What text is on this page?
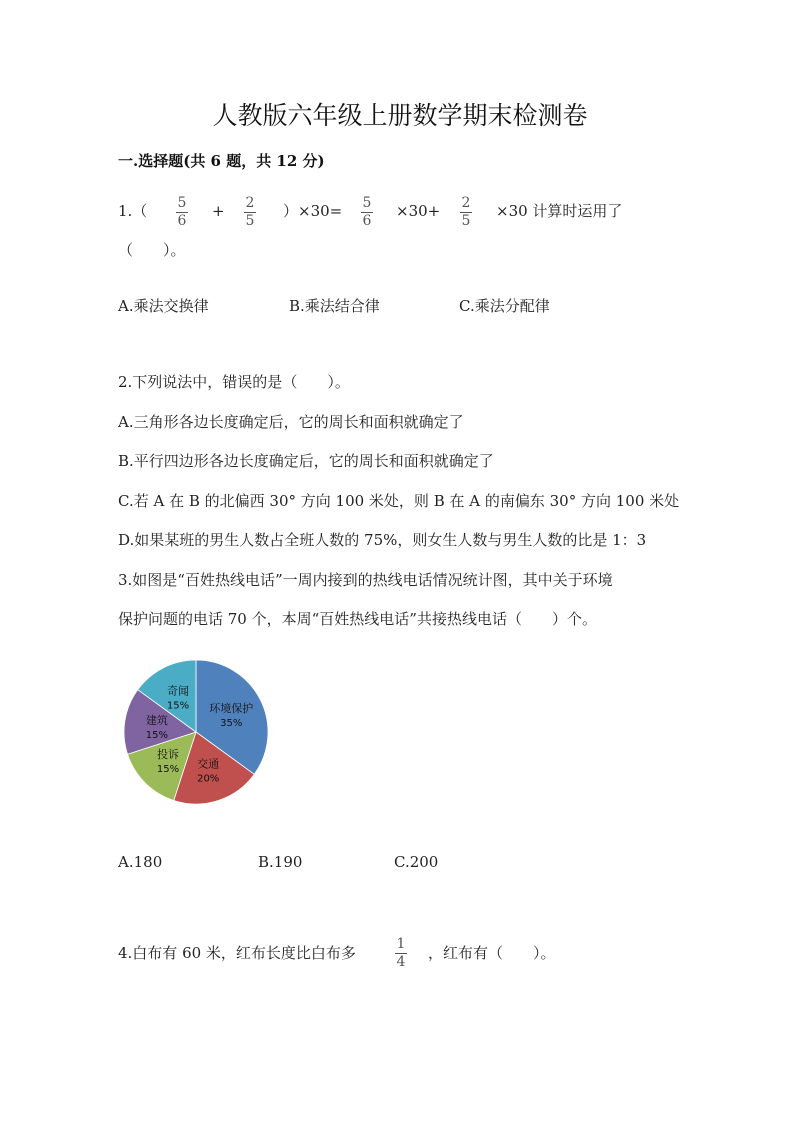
人教版六年级上册数学期末检测卷
一.选择题(共 6 题，共 12 分)
1.（ 5
6
+ 2
5
）×30= 5
6
×30+ 2
5
×30 计算时运用了
（　　）。
A.乘法交换律	B.乘法结合律	C.乘法分配律
2.下列说法中，错误的是（　　）。
A.三角形各边长度确定后，它的周长和面积就确定了
B.平行四边形各边长度确定后，它的周长和面积就确定了
C.若 A 在 B 的北偏西 30° 方向 100 米处，则 B 在 A 的南偏东 30° 方向 100 米处
D.如果某班的男生人数占全班人数的 75%，则女生人数与男生人数的比是 1：3
3.如图是“百姓热线电话”一周内接到的热线电话情况统计图，其中关于环境
保护问题的电话 70 个，本周“百姓热线电话”共接热线电话（　　）个。
环境保护
35%
交通
20%
投诉
15%
建筑
15%
奇闻
15%
A.180	B.190	C.200
4.白布有 60 米，红布长度比白布多	1
4 ，红布有（　　）。
